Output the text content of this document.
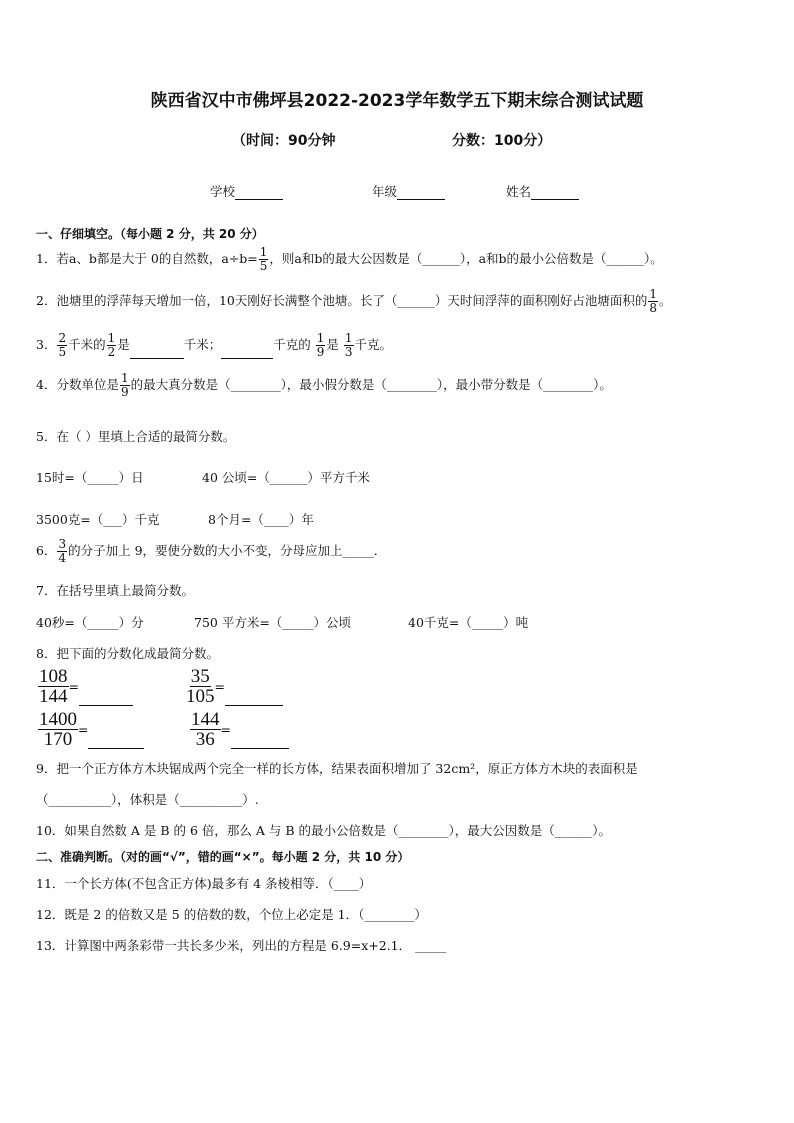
陕西省汉中市佛坪县2022-2023学年数学五下期末综合测试试题
（时间：90分钟	分数：100分）
学校	年级	姓名
一、仔细填空。（每小题 2 分，共 20 分）
1．若a、b都是大于 0的自然数，$a\div b= \frac{1}{5}$ ，则a和b的最大公因数是（______），a和b的最小公倍数是（______）。
2．池塘里的浮萍每天增加一倍，10天刚好长满整个池塘。长了（______）天时间浮萍的面积刚好占池塘面积的 $\frac{1}{8}$ 。
3． $\frac{2}{5}$ 千米的 $\frac{1}{2}$ 是	千米；	千克的 $\frac{1}{9}$ 是 $\frac{1}{3}$ 千克。
4．分数单位是 $\frac{1}{9}$ 的最大真分数是（________），最小假分数是（________），最小带分数是（________）。
5．在（ ）里填上合适的最简分数。
15时=（_____）日	40 公顷=（______）平方千米
3500克=（___）千克	8个月=（____）年
6． $\frac{3}{4}$ 的分子加上 9，要使分数的大小不变，分母应加上_____．
7．在括号里填上最简分数。
40秒=（_____）分	750 平方米=（_____）公顷	40千克=（_____）吨
8．把下面的分数化成最简分数。
$\frac{108}{144}$ =	$\frac{35}{105}$ =
$\frac{1400}{170}$ =	$\frac{144}{36}$ =
9．把一个正方体方木块锯成两个完全一样的长方体，结果表面积增加了 32cm²，原正方体方木块的表面积是
（__________），体积是（__________）.
10．如果自然数 A 是 B 的 6 倍，那么 A 与 B 的最小公倍数是（________），最大公因数是（______）。
二、准确判断。（对的画“√”，错的画“×”。每小题 2 分，共 10 分）
11．一个长方体(不包含正方体)最多有 4 条棱相等．（____）
12．既是 2 的倍数又是 5 的倍数的数，个位上必定是 1．（________）
13．计算图中两条彩带一共长多少米，列出的方程是 6.9=x+2.1． _____
